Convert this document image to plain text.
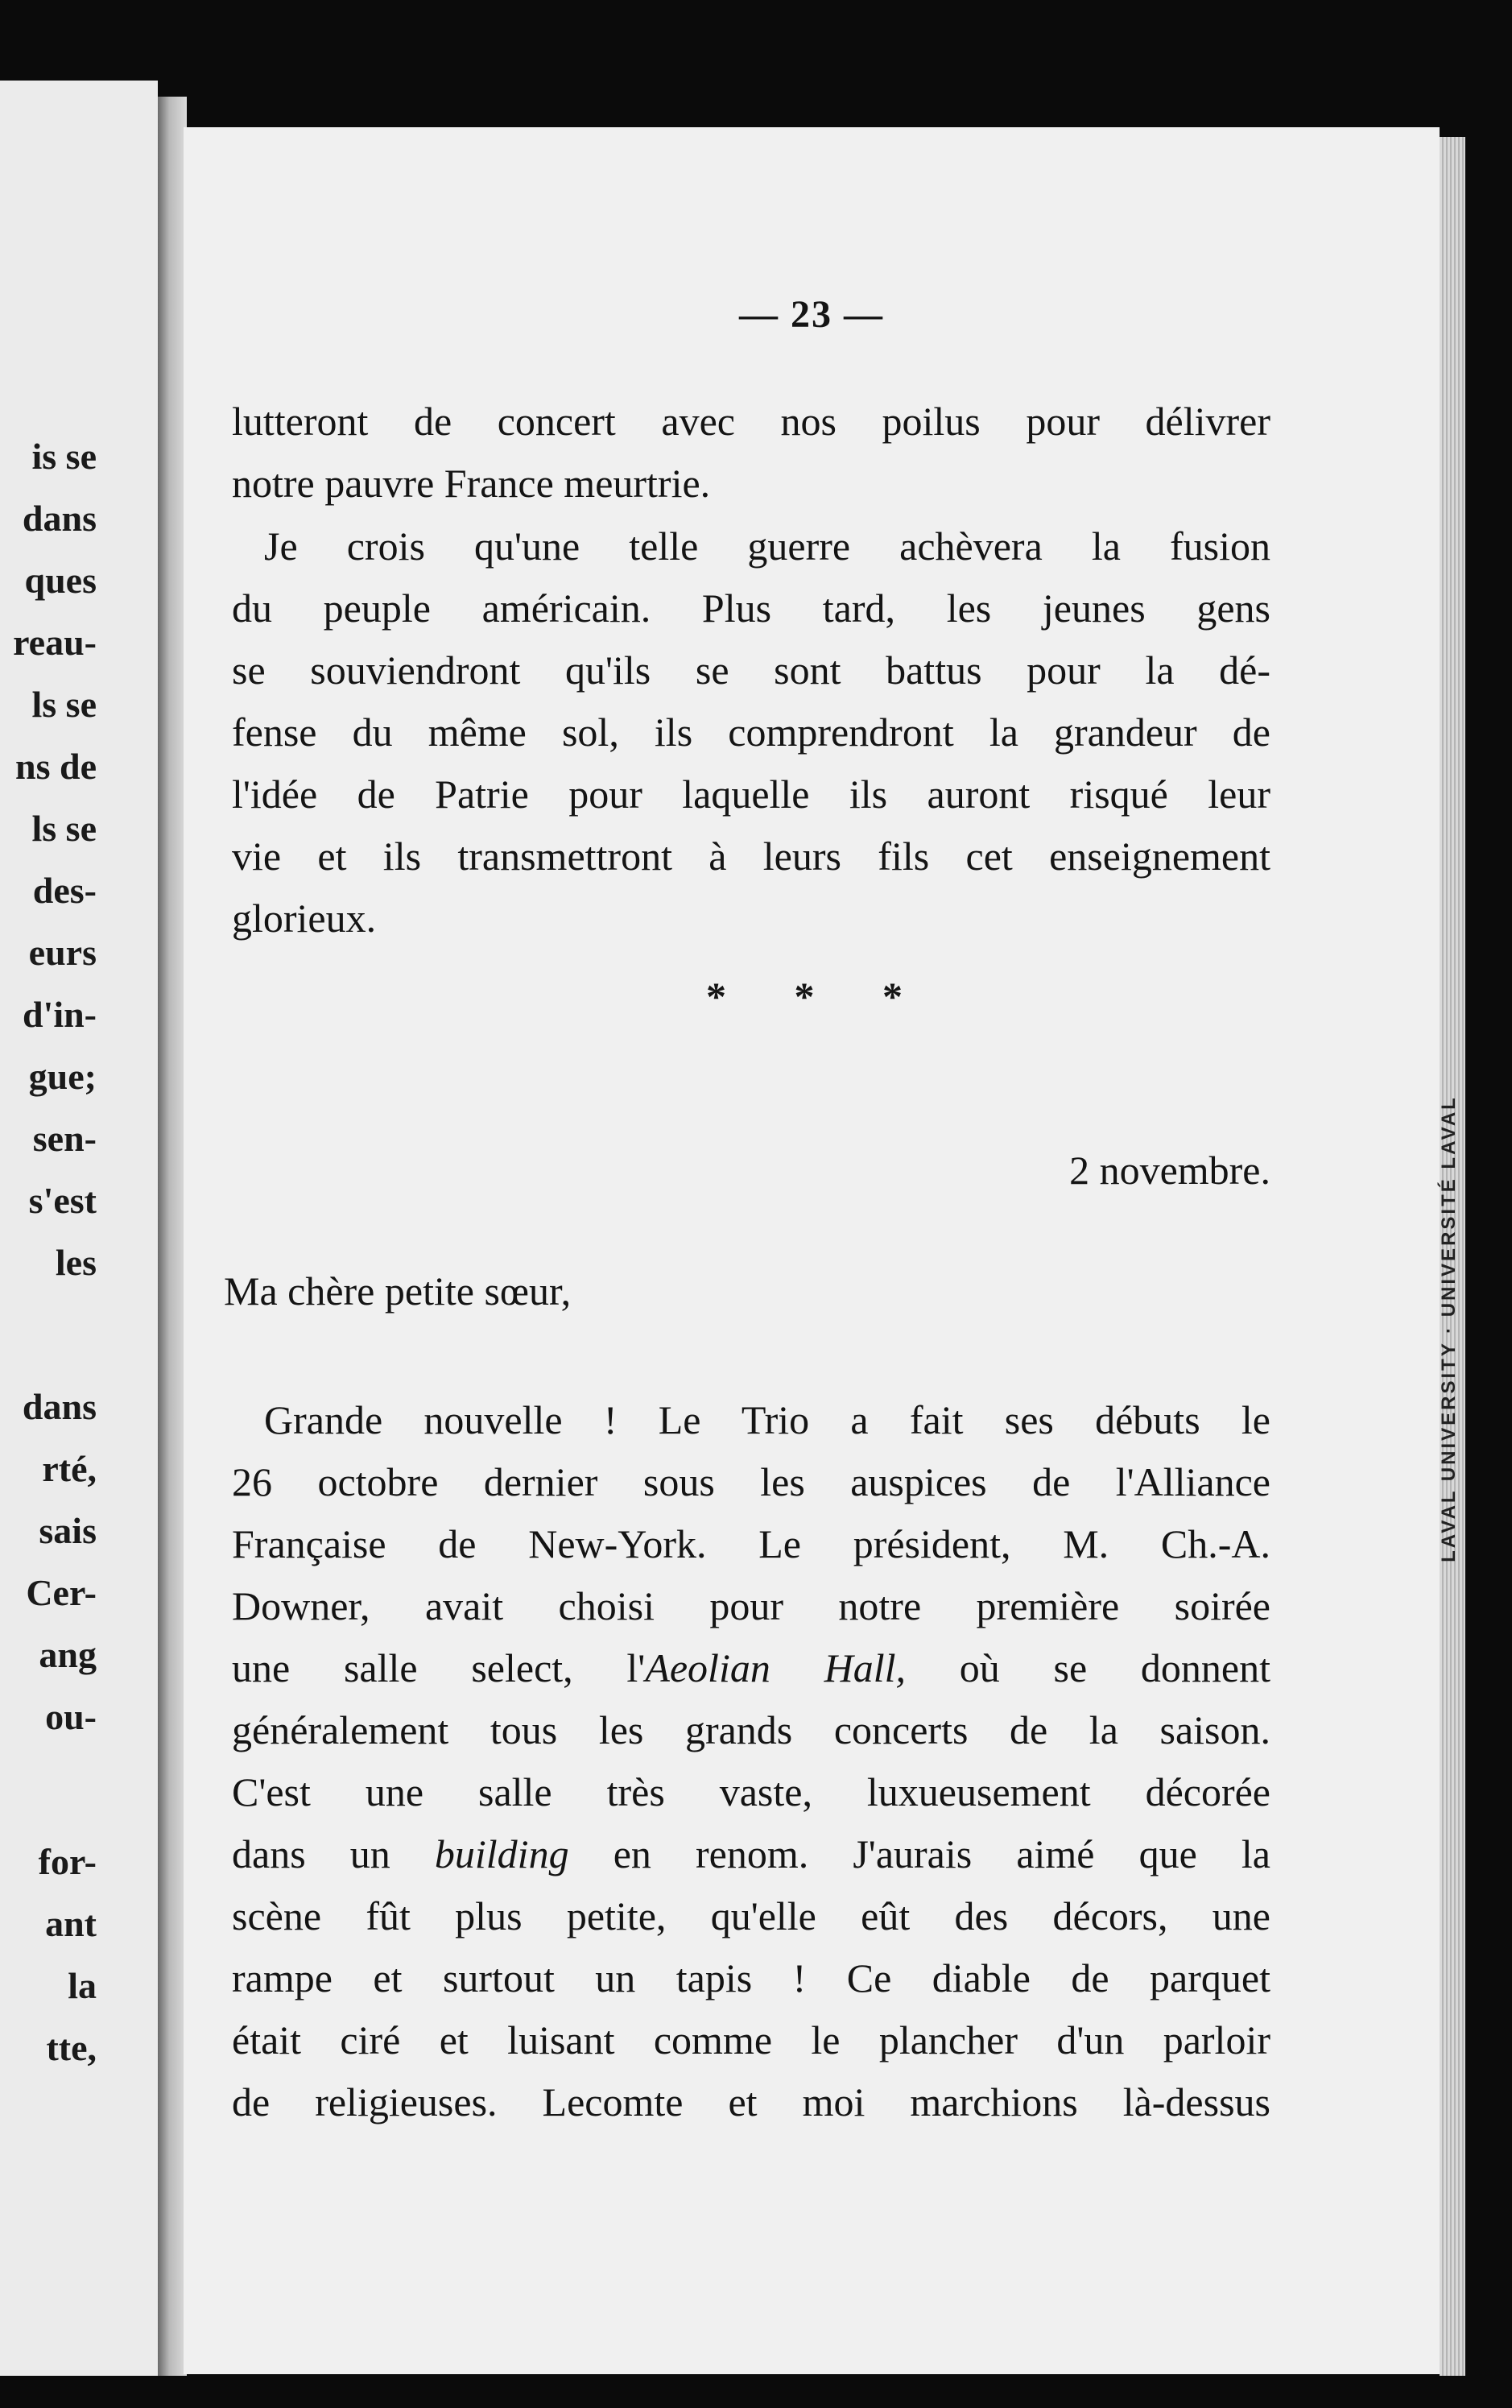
is se
dans
ques
reau-
ls se
ns de
ls se
des-
eurs
d'in-
gue;
sen-
s'est
les
dans
rté,
sais
Cer-
ang
ou-
for-
ant
la
tte,
— 23 —
lutteront de concert avec nos poilus pour délivrer
notre pauvre France meurtrie.
Je crois qu'une telle guerre achèvera la fusion
du peuple américain. Plus tard, les jeunes gens
se souviendront qu'ils se sont battus pour la dé-
fense du même sol, ils comprendront la grandeur de
l'idée de Patrie pour laquelle ils auront risqué leur
vie et ils transmettront à leurs fils cet enseignement
glorieux.
* * *
2 novembre.
Ma chère petite sœur,
Grande nouvelle ! Le Trio a fait ses débuts le
26 octobre dernier sous les auspices de l'Alliance
Française de New-York. Le président, M. Ch.-A.
Downer, avait choisi pour notre première soirée
une salle select, l'Aeolian Hall, où se donnent
généralement tous les grands concerts de la saison.
C'est une salle très vaste, luxueusement décorée
dans un building en renom. J'aurais aimé que la
scène fût plus petite, qu'elle eût des décors, une
rampe et surtout un tapis ! Ce diable de parquet
était ciré et luisant comme le plancher d'un parloir
de religieuses. Lecomte et moi marchions là-dessus
LAVAL UNIVERSITY · UNIVERSITÉ LAVAL
